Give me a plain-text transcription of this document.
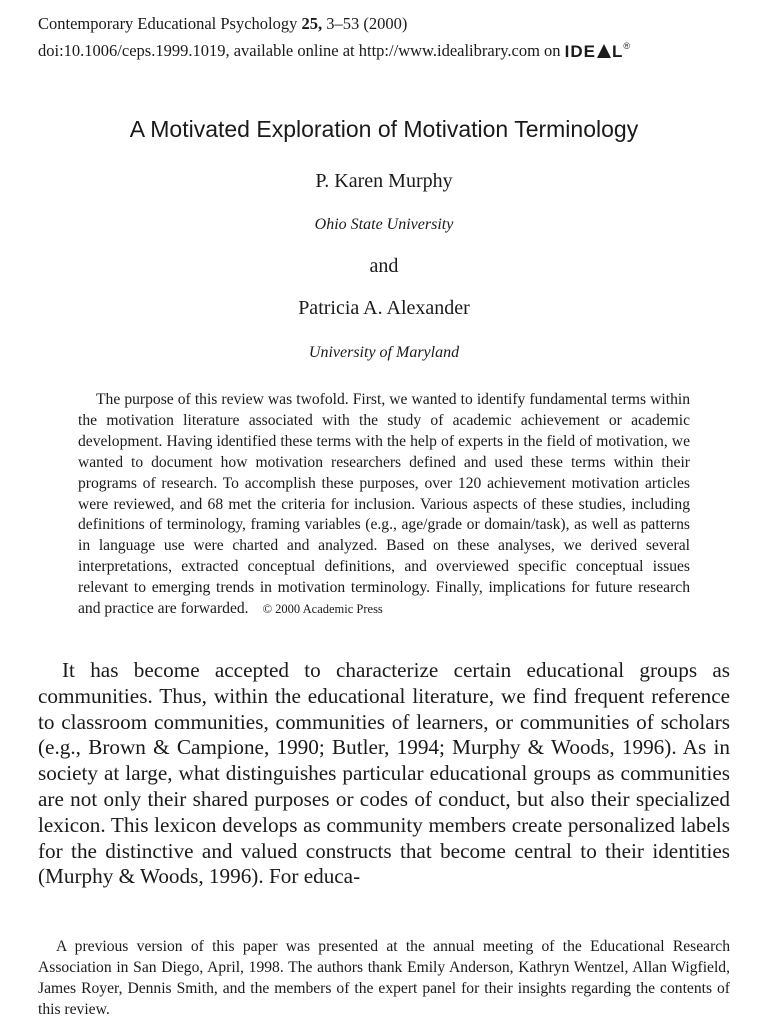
Contemporary Educational Psychology 25, 3–53 (2000)
doi:10.1006/ceps.1999.1019, available online at http://www.idealibrary.com on IDE L®
A Motivated Exploration of Motivation Terminology
P. Karen Murphy
Ohio State University
and
Patricia A. Alexander
University of Maryland
The purpose of this review was twofold. First, we wanted to identify fundamental terms within the motivation literature associated with the study of academic achievement or academic development. Having identified these terms with the help of experts in the field of motivation, we wanted to document how motivation researchers defined and used these terms within their programs of research. To accomplish these purposes, over 120 achievement motivation articles were reviewed, and 68 met the criteria for inclusion. Various aspects of these studies, including definitions of terminology, framing variables (e.g., age/grade or domain/task), as well as patterns in language use were charted and analyzed. Based on these analyses, we derived several interpretations, extracted conceptual definitions, and overviewed specific conceptual issues relevant to emerging trends in motivation terminology. Finally, implications for future research and practice are forwarded. © 2000 Academic Press
It has become accepted to characterize certain educational groups as communities. Thus, within the educational literature, we find frequent reference to classroom communities, communities of learners, or communities of scholars (e.g., Brown & Campione, 1990; Butler, 1994; Murphy & Woods, 1996). As in society at large, what distinguishes particular educational groups as communities are not only their shared purposes or codes of conduct, but also their specialized lexicon. This lexicon develops as community members create personalized labels for the distinctive and valued constructs that become central to their identities (Murphy & Woods, 1996). For educa-
A previous version of this paper was presented at the annual meeting of the Educational Research Association in San Diego, April, 1998. The authors thank Emily Anderson, Kathryn Wentzel, Allan Wigfield, James Royer, Dennis Smith, and the members of the expert panel for their insights regarding the contents of this review.
